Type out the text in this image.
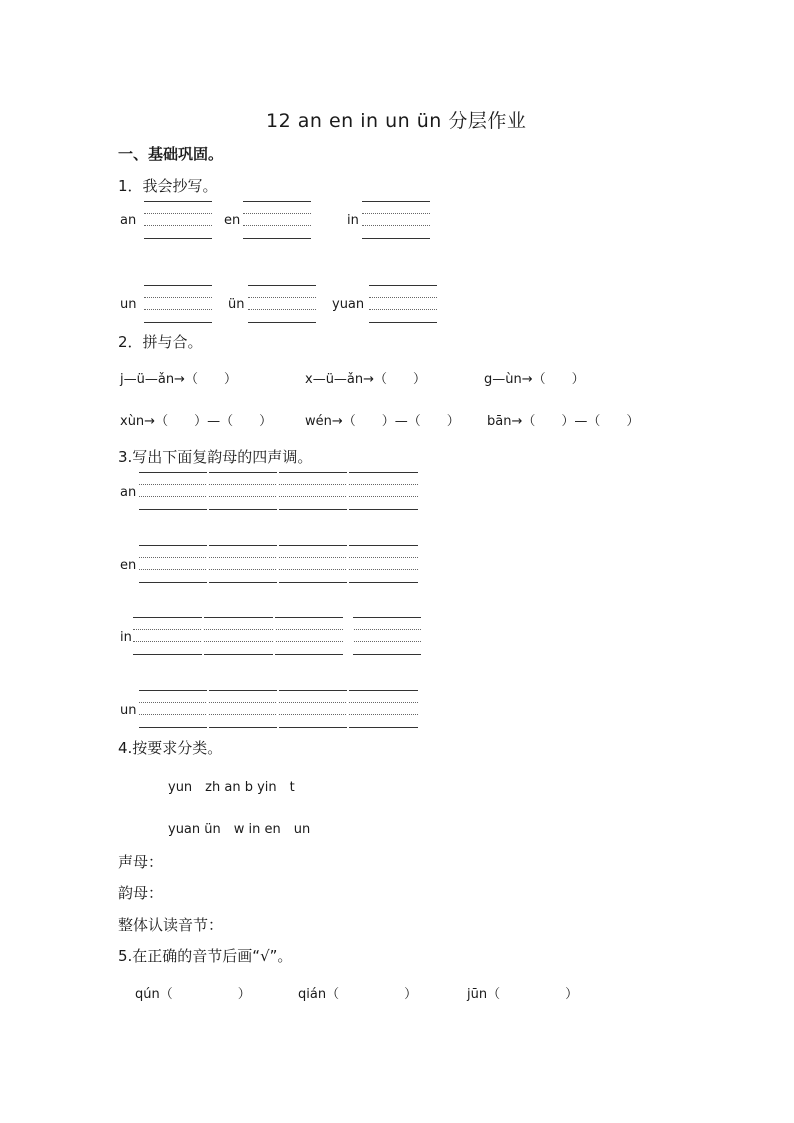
12 an en in un ün 分层作业
一、基础巩固。
1．我会抄写。
an	en	in
un	ün	yuan
2．拼与合。
j—ü—ǎn→（　　）	x—ü—ǎn→（　　）	g—ùn→（　　）
xùn→（　　）—（　　）	wén→（　　）—（　　） bān→（　　）—（　　）
3.写出下面复韵母的四声调。
an
en
in
un
4.按要求分类。
yun　zh an b yin　t
yuan ün　w in en　un
声母：
韵母：
整体认读音节：
5.在正确的音节后画“√”。
qún（　　　　　）	qián（　　　　　）	jūn（　　　　　）
